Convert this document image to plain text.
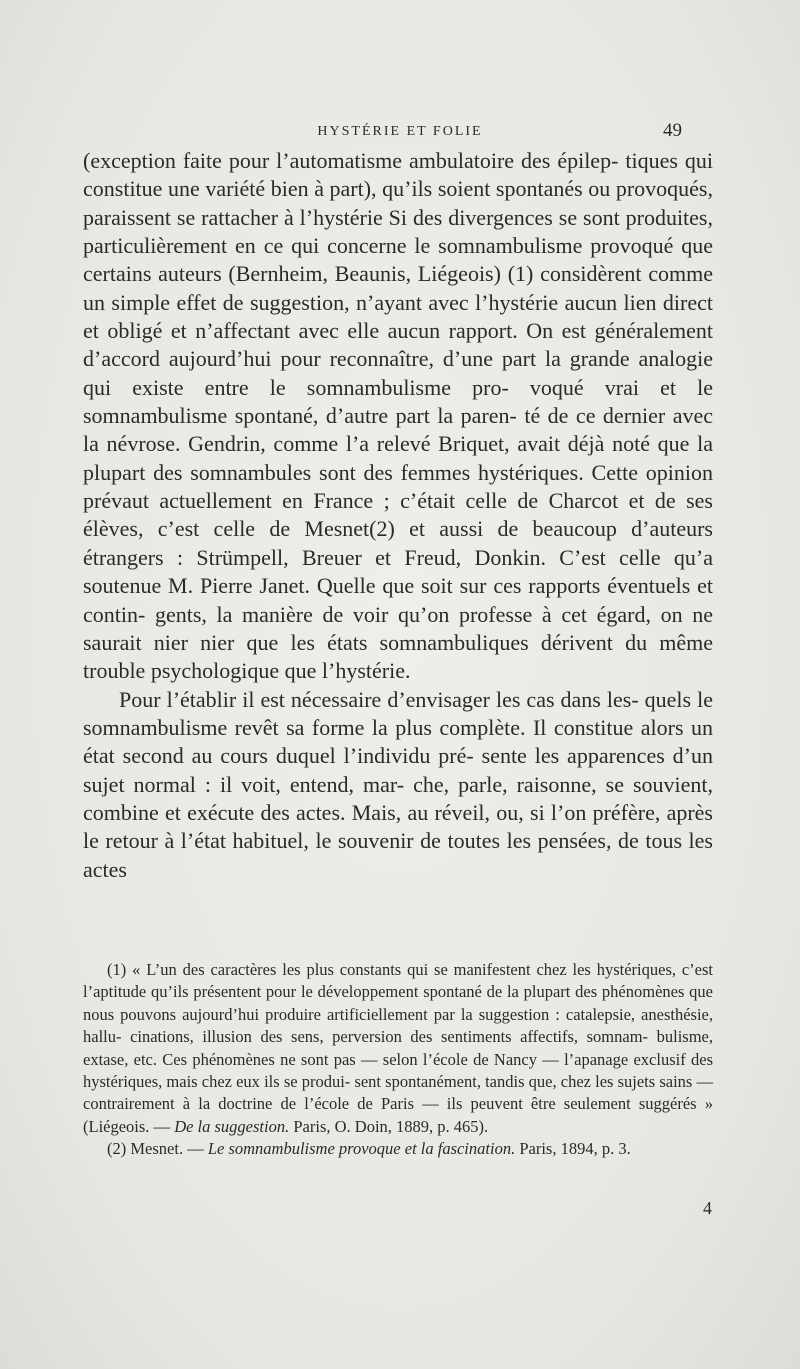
HYSTÉRIE ET FOLIE	49

(exception faite pour l’automatisme ambulatoire des épilep- tiques qui constitue une variété bien à part), qu’ils soient spontanés ou provoqués, paraissent se rattacher à l’hystérie Si des divergences se sont produites, particulièrement en ce qui concerne le somnambulisme provoqué que certains auteurs (Bernheim, Beaunis, Liégeois) (1) considèrent comme un simple effet de suggestion, n’ayant avec l’hystérie aucun lien direct et obligé et n’affectant avec elle aucun rapport. On est généralement d’accord aujourd’hui pour reconnaître, d’une part la grande analogie qui existe entre le somnambulisme pro- voqué vrai et le somnambulisme spontané, d’autre part la paren- té de ce dernier avec la névrose. Gendrin, comme l’a relevé Briquet, avait déjà noté que la plupart des somnambules sont des femmes hystériques. Cette opinion prévaut actuellement en France ; c’était celle de Charcot et de ses élèves, c’est celle de Mesnet(2) et aussi de beaucoup d’auteurs étrangers : Strümpell, Breuer et Freud, Donkin. C’est celle qu’a soutenue M. Pierre Janet. Quelle que soit sur ces rapports éventuels et contin- gents, la manière de voir qu’on professe à cet égard, on ne saurait nier nier que les états somnambuliques dérivent du même trouble psychologique que l’hystérie.

Pour l’établir il est nécessaire d’envisager les cas dans les- quels le somnambulisme revêt sa forme la plus complète. Il constitue alors un état second au cours duquel l’individu pré- sente les apparences d’un sujet normal : il voit, entend, mar- che, parle, raisonne, se souvient, combine et exécute des actes. Mais, au réveil, ou, si l’on préfère, après le retour à l’état habituel, le souvenir de toutes les pensées, de tous les actes

(1) « L’un des caractères les plus constants qui se manifestent chez les hystériques, c’est l’aptitude qu’ils présentent pour le développement spontané de la plupart des phénomènes que nous pouvons aujourd’hui produire artificiellement par la suggestion : catalepsie, anesthésie, hallu- cinations, illusion des sens, perversion des sentiments affectifs, somnam- bulisme, extase, etc. Ces phénomènes ne sont pas — selon l’école de Nancy — l’apanage exclusif des hystériques, mais chez eux ils se produi- sent spontanément, tandis que, chez les sujets sains — contrairement à la doctrine de l’école de Paris — ils peuvent être seulement suggérés » (Liégeois. — De la suggestion. Paris, O. Doin, 1889, p. 465).

(2) Mesnet. — Le somnambulisme provoque et la fascination. Paris, 1894, p. 3.

4
